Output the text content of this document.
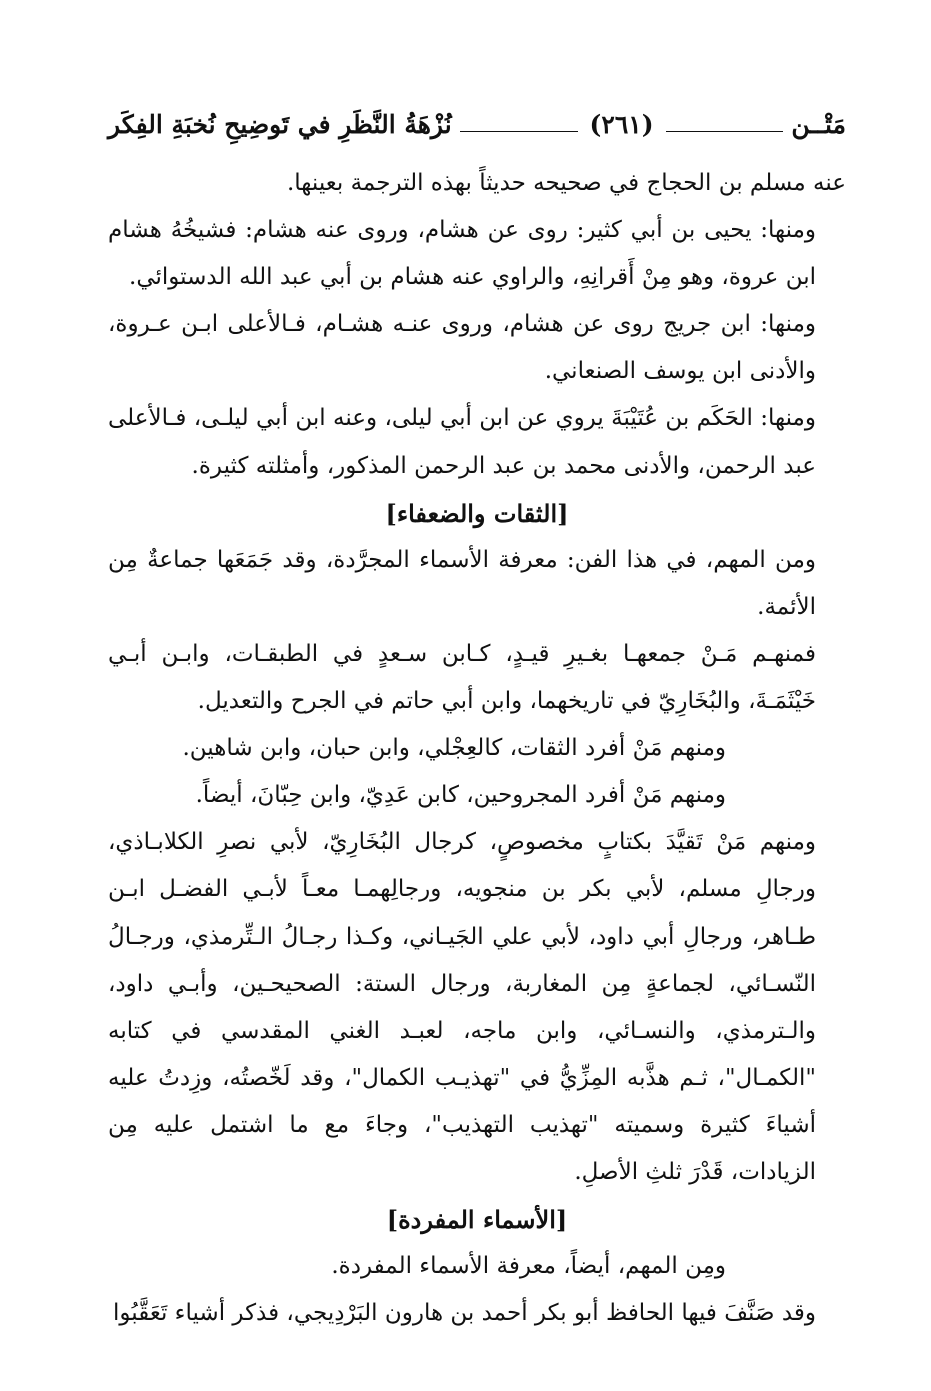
مَتْــن
(٢٦١)
نُزْهَةُ النَّظَرِ في تَوضِيحِ نُخبَةِ الفِكَر

عنه مسلم بن الحجاج في صحيحه حديثاً بهذه الترجمة بعينها.

ومنها: يحيى بن أبي كثير: روى عن هشام، وروى عنه هشام: فشيخُهُ هشام ابن عروة، وهو مِنْ أَقرانِهِ، والراوي عنه هشام بن أبي عبد الله الدستوائي.

ومنها: ابن جريج روى عن هشام، وروى عنـه هشـام، فـالأعلى ابـن عـروة، والأدنى ابن يوسف الصنعاني.

ومنها: الحَكَم بن عُتَيْبَةَ يروي عن ابن أبي ليلى، وعنه ابن أبي ليلـى، فـالأعلى عبد الرحمن، والأدنى محمد بن عبد الرحمن المذكور، وأمثلته كثيرة.

[الثقات والضعفاء]

ومن المهم، في هذا الفن: معرفة الأسماء المجرَّدة، وقد جَمَعَها جماعةٌ مِن الأئمة.

فمنهـم مَـنْ جمعهـا بغـيرِ قيـدٍ، كـابن سـعدٍ في الطبقـات، وابـن أبـي خَيْثَمَـةَ، والبُخَارِيّ في تاريخهما، وابن أبي حاتم في الجرح والتعديل.

ومنهم مَنْ أفرد الثقات، كالعِجْلي، وابن حبان، وابن شاهين.

ومنهم مَنْ أفرد المجروحين، كابن عَدِيّ، وابن حِبّانَ، أيضاً.

ومنهم مَنْ تَقيَّدَ بكتابٍ مخصوصٍ، كرجال البُخَارِيّ، لأبي نصرِ الكلابـاذي، ورجالِ مسلم، لأبي بكر بن منجويه، ورجالِهمـا معـاً لأبـي الفضـل ابـن طـاهر، ورجالِ أبي داود، لأبي علي الجَيـاني، وكـذا رجـالُ الـتِّرمذي، ورجـالُ النّسـائي، لجماعةٍ مِن المغاربة، ورجال الستة: الصحيحـين، وأبـي داود، والـترمذي، والنسـائي، وابن ماجه، لعبـد الغني المقدسي في كتابه "الكمـال"، ثـم هذَّبه المِزِّيُّ في "تهذيـب الكمال"، وقد لَخّصتُه، وزِدتُ عليه أشياءَ كثيرة وسميته "تهذيب التهذيب"، وجاءَ مع ما اشتمل عليه مِن الزيادات، قَدْرَ ثلثِ الأصلِ.

[الأسماء المفردة]

ومِن المهم، أيضاً، معرفة الأسماء المفردة.

وقد صَنَّفَ فيها الحافظ أبو بكر أحمد بن هارون البَرْدِيجي، فذكر أشياء تَعَقَّبُوا
